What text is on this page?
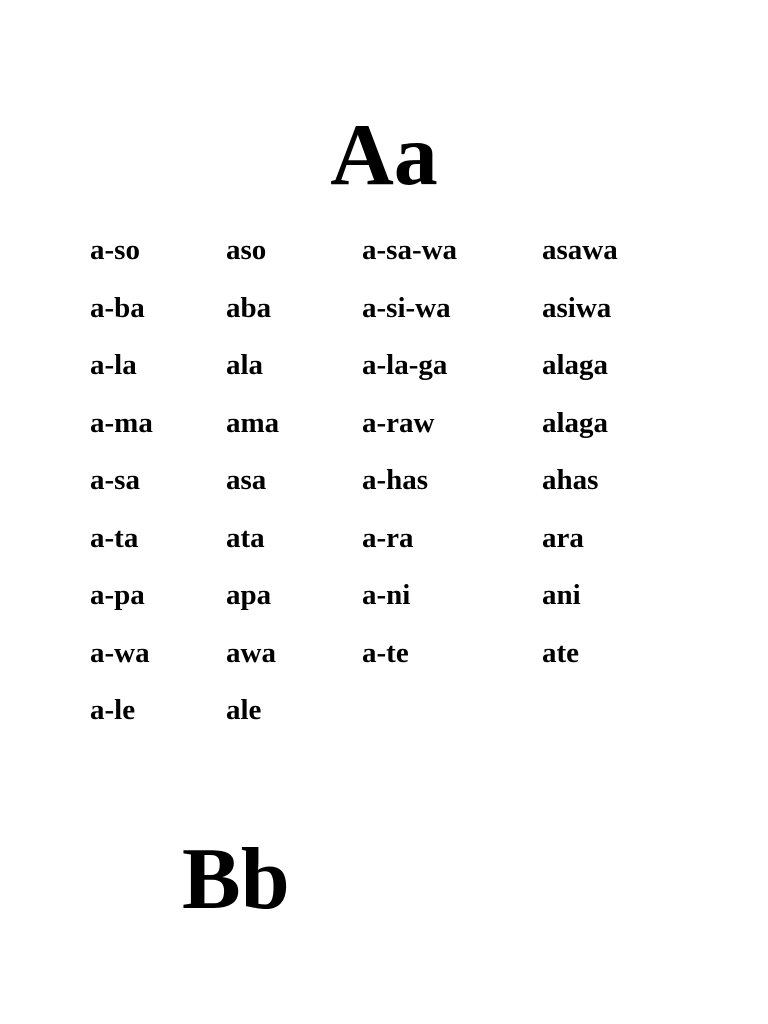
Aa
a-so
a-ba
a-la
a-ma
a-sa
a-ta
a-pa
a-wa
a-le
aso
aba
ala
ama
asa
ata
apa
awa
ale
a-sa-wa
a-si-wa
a-la-ga
a-raw
a-has
a-ra
a-ni
a-te
asawa
asiwa
alaga
alaga
ahas
ara
ani
ate
Bb
